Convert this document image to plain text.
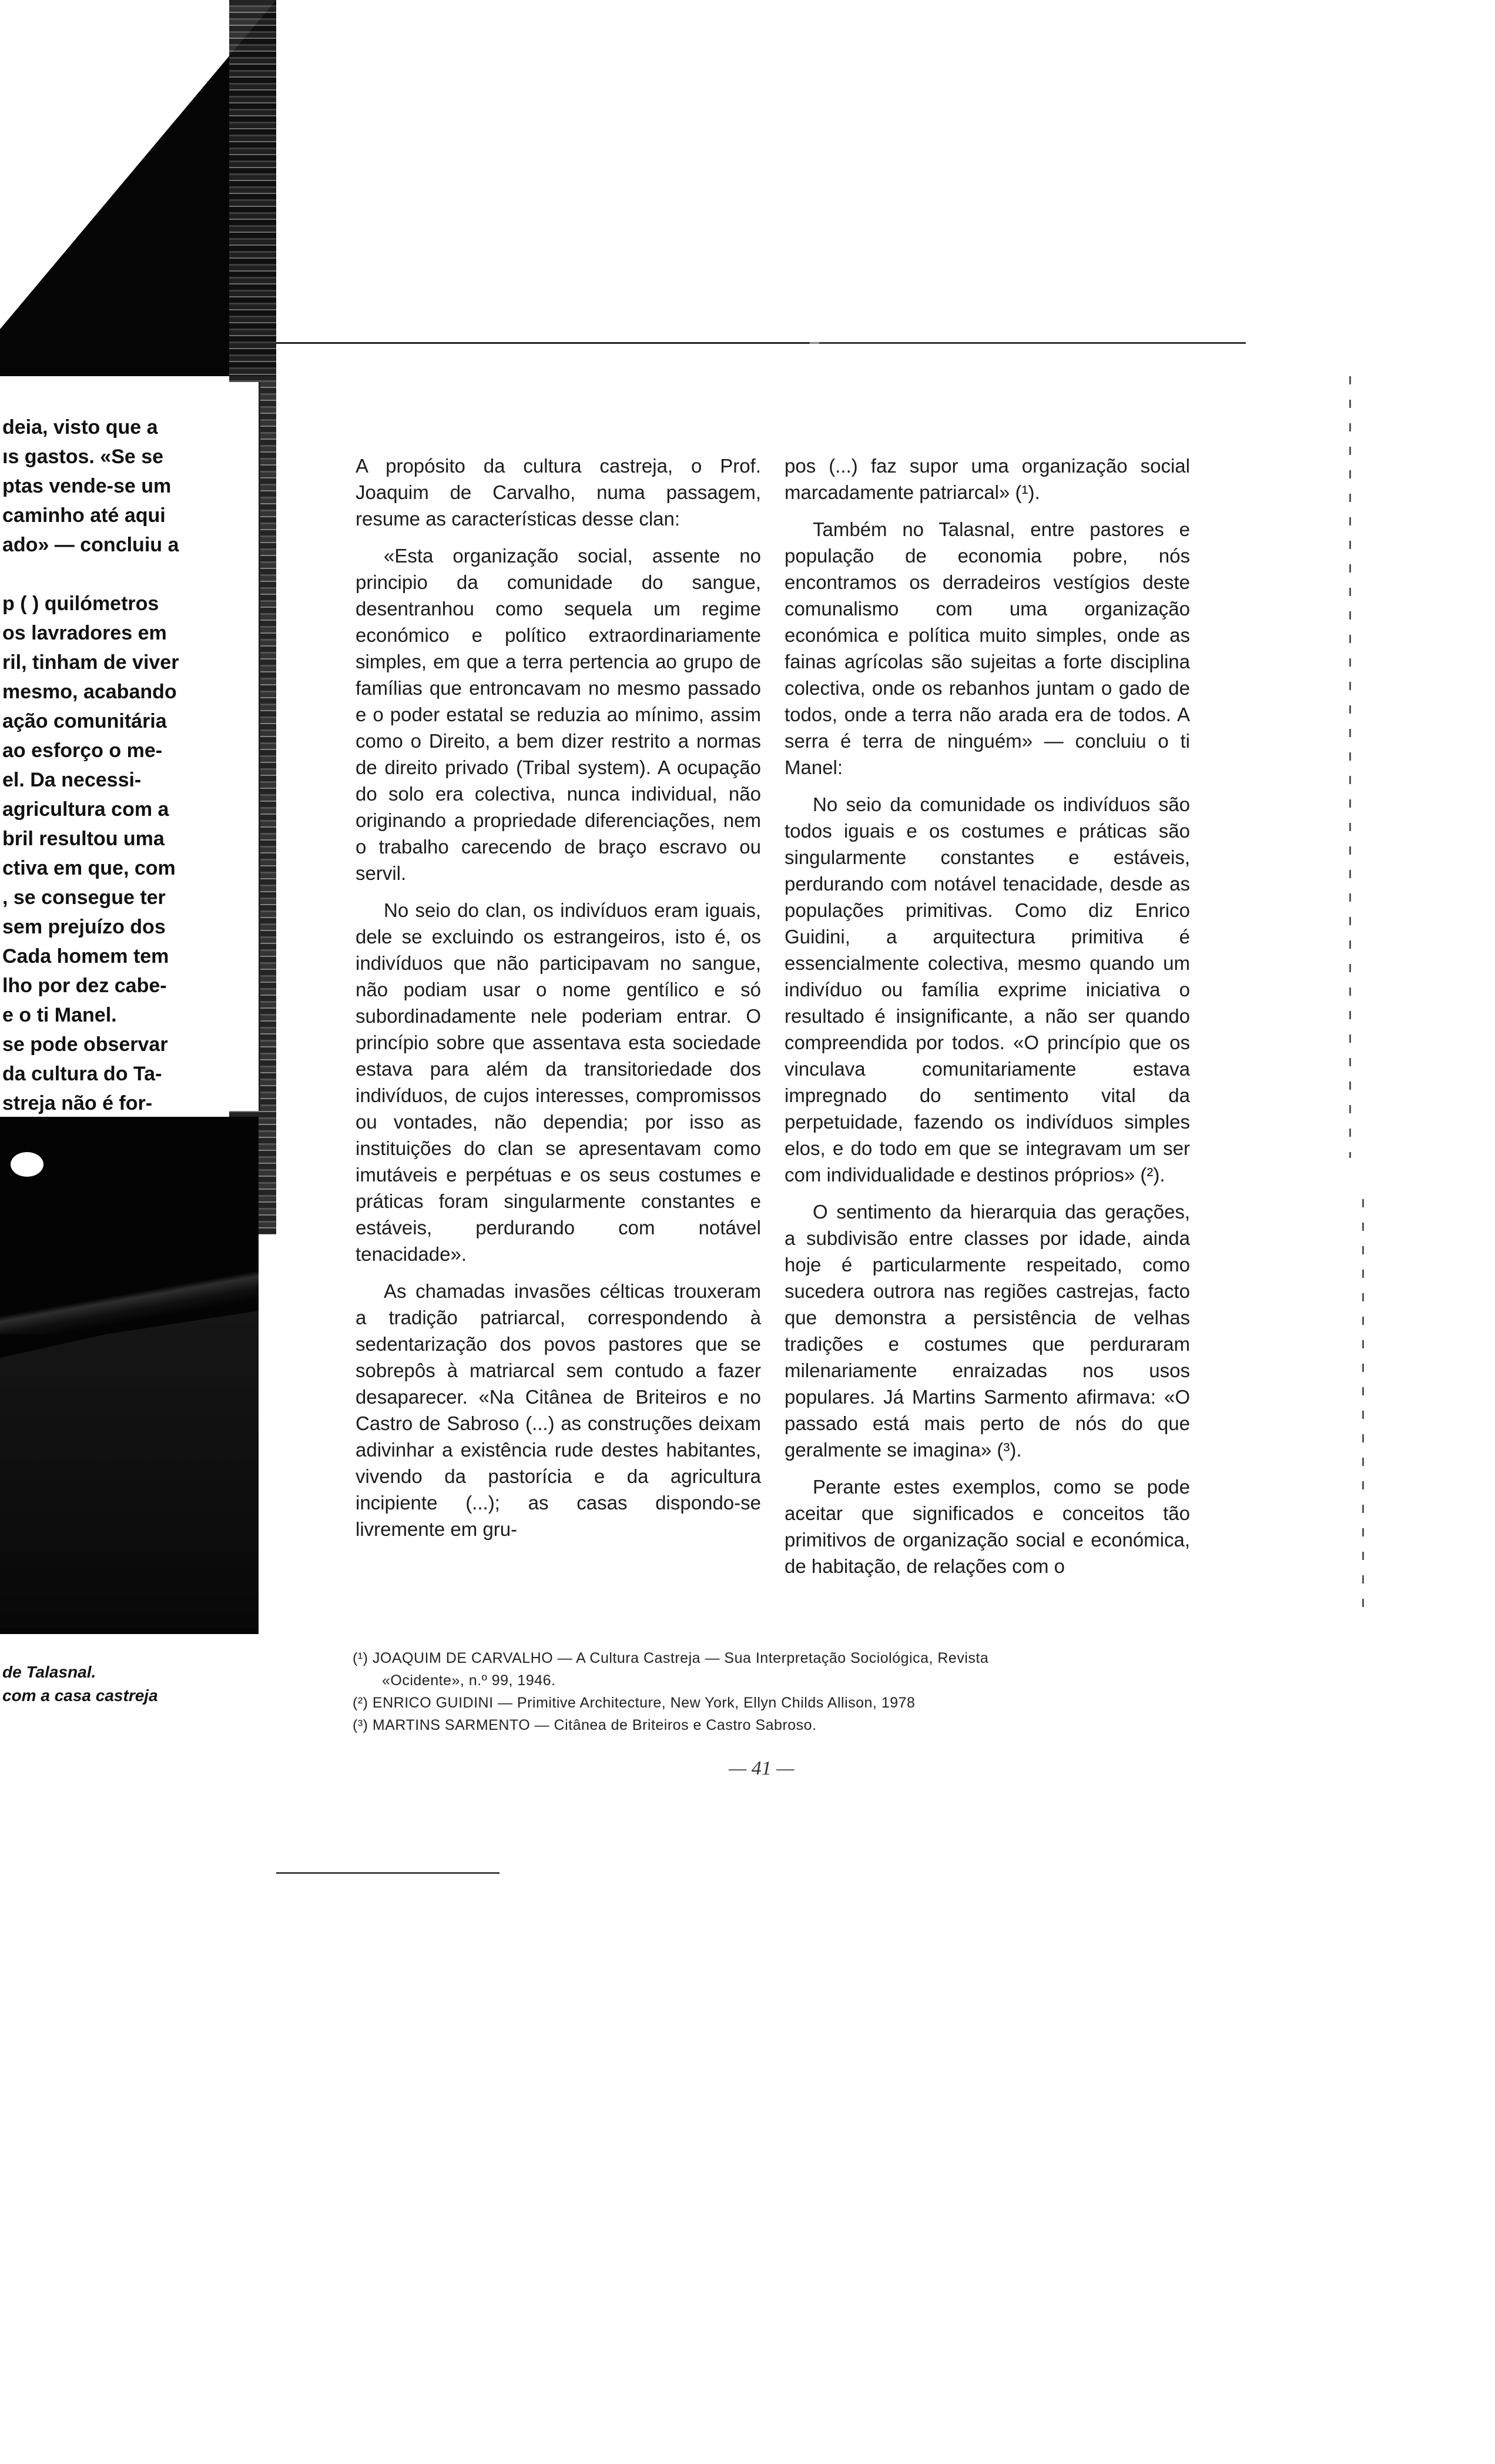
deia, visto que a
ıs gastos. «Se se
ptas vende-se um
caminho até aqui
ado» — concluiu a
p ( ) quilómetros
os lavradores em
ril, tinham de viver
mesmo, acabando
ação comunitária
ao esforço o me-
el. Da necessi-
agricultura com a
bril resultou uma
ctiva em que, com
, se consegue ter
sem prejuízo dos
Cada homem tem
lho por dez cabe-
e o ti Manel.
se pode observar
da cultura do Ta-
streja não é for-
de Talasnal.
com a casa castreja

A propósito da cultura castreja, o Prof. Joaquim de Carvalho, numa passagem, resume as características desse clan:

«Esta organização social, assente no principio da comunidade do sangue, desentranhou como sequela um regime económico e político extraordinariamente simples, em que a terra pertencia ao grupo de famílias que entroncavam no mesmo passado e o poder estatal se reduzia ao mínimo, assim como o Direito, a bem dizer restrito a normas de direito privado (Tribal system). A ocupação do solo era colectiva, nunca individual, não originando a propriedade diferenciações, nem o trabalho carecendo de braço escravo ou servil.

No seio do clan, os indivíduos eram iguais, dele se excluindo os estrangeiros, isto é, os indivíduos que não participavam no sangue, não podiam usar o nome gentílico e só subordinadamente nele poderiam entrar. O princípio sobre que assentava esta sociedade estava para além da transitoriedade dos indivíduos, de cujos interesses, compromissos ou vontades, não dependia; por isso as instituições do clan se apresentavam como imutáveis e perpétuas e os seus costumes e práticas foram singularmente constantes e estáveis, perdurando com notável tenacidade».

As chamadas invasões célticas trouxeram a tradição patriarcal, correspondendo à sedentarização dos povos pastores que se sobrepôs à matriarcal sem contudo a fazer desaparecer. «Na Citânea de Briteiros e no Castro de Sabroso (...) as construções deixam adivinhar a existência rude destes habitantes, vivendo da pastorícia e da agricultura incipiente (...); as casas dispondo-se livremente em gru-

pos (...) faz supor uma organização social marcadamente patriarcal» (¹).

Também no Talasnal, entre pastores e população de economia pobre, nós encontramos os derradeiros vestígios deste comunalismo com uma organização económica e política muito simples, onde as fainas agrícolas são sujeitas a forte disciplina colectiva, onde os rebanhos juntam o gado de todos, onde a terra não arada era de todos. A serra é terra de ninguém» — concluiu o ti Manel:

No seio da comunidade os indivíduos são todos iguais e os costumes e práticas são singularmente constantes e estáveis, perdurando com notável tenacidade, desde as populações primitivas. Como diz Enrico Guidini, a arquitectura primitiva é essencialmente colectiva, mesmo quando um indivíduo ou família exprime iniciativa o resultado é insignificante, a não ser quando compreendida por todos. «O princípio que os vinculava comunitariamente estava impregnado do sentimento vital da perpetuidade, fazendo os indivíduos simples elos, e do todo em que se integravam um ser com individualidade e destinos próprios» (²).

O sentimento da hierarquia das gerações, a subdivisão entre classes por idade, ainda hoje é particularmente respeitado, como sucedera outrora nas regiões castrejas, facto que demonstra a persistência de velhas tradições e costumes que perduraram milenariamente enraizadas nos usos populares. Já Martins Sarmento afirmava: «O passado está mais perto de nós do que geralmente se imagina» (³).

Perante estes exemplos, como se pode aceitar que significados e conceitos tão primitivos de organização social e económica, de habitação, de relações com o

(¹) JOAQUIM DE CARVALHO — A Cultura Castreja — Sua Interpretação Sociológica, Revista
«Ocidente», n.º 99, 1946.
(²) ENRICO GUIDINI — Primitive Architecture, New York, Ellyn Childs Allison, 1978
(³) MARTINS SARMENTO — Citânea de Briteiros e Castro Sabroso.
— 41 —
